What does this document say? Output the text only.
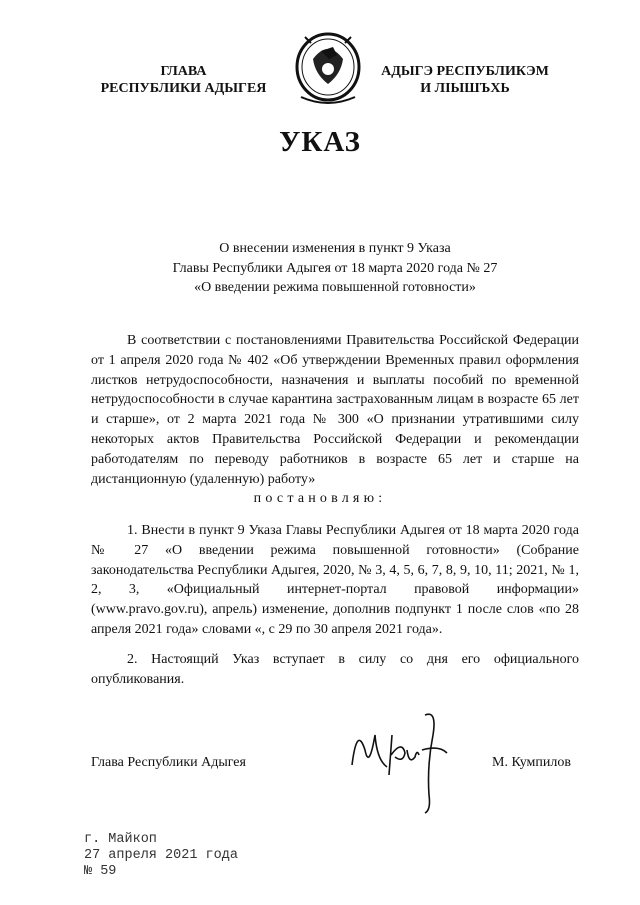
ГЛАВА
РЕСПУБЛИКИ АДЫГЕЯ
АДЫГЭ РЕСПУБЛИКЭМ
И ЛІЫШЪХЬ
УКАЗ
О внесении изменения в пункт 9 Указа
Главы Республики Адыгея от 18 марта 2020 года № 27
«О введении режима повышенной готовности»
В соответствии с постановлениями Правительства Российской Федерации от 1 апреля 2020 года № 402 «Об утверждении Временных правил оформления листков нетрудоспособности, назначения и выплаты пособий по временной нетрудоспособности в случае карантина застрахованным лицам в возрасте 65 лет и старше», от 2 марта 2021 года № 300 «О признании утратившими силу некоторых актов Правительства Российской Федерации и рекомендации работодателям по переводу работников в возрасте 65 лет и старше на дистанционную (удаленную) работу»
постановляю:
1. Внести в пункт 9 Указа Главы Республики Адыгея от 18 марта 2020 года № 27 «О введении режима повышенной готовности» (Собрание законодательства Республики Адыгея, 2020, № 3, 4, 5, 6, 7, 8, 9, 10, 11; 2021, № 1, 2, 3, «Официальный интернет-портал правовой информации» (www.pravo.gov.ru), апрель) изменение, дополнив подпункт 1 после слов «по 28 апреля 2021 года» словами «, с 29 по 30 апреля 2021 года».
2. Настоящий Указ вступает в силу со дня его официального опубликования.
Глава Республики Адыгея	М. Кумпилов
г. Майкоп
27 апреля 2021 года
№ 59
